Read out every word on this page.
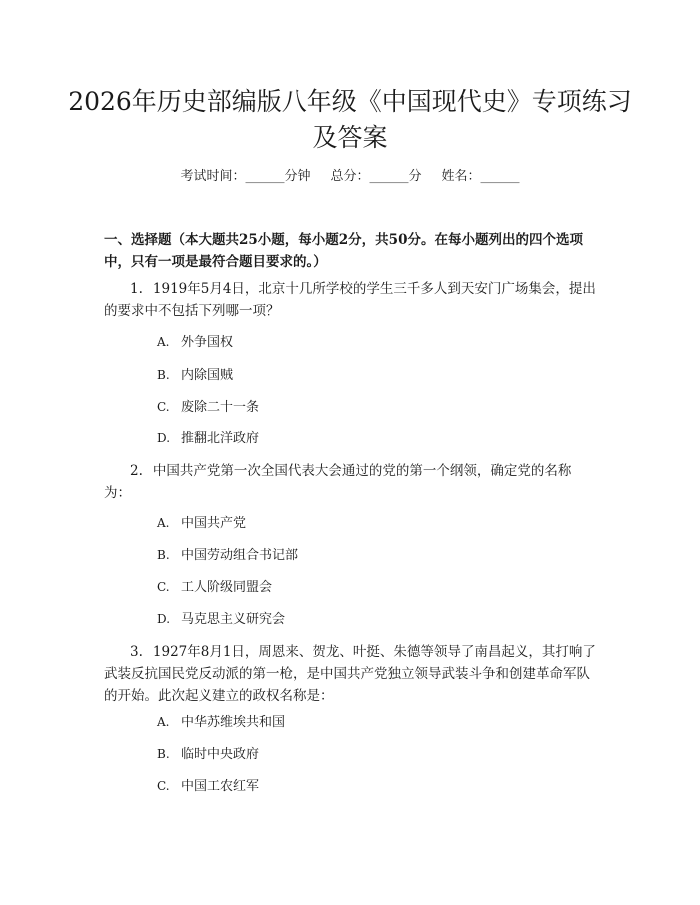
2026年历史部编版八年级《中国现代史》专项练习及答案
考试时间：______分钟 总分：______分 姓名：______

一、选择题（本大题共25小题，每小题2分，共50分。在每小题列出的四个选项中，只有一项是最符合题目要求的。）

1. 1919年5月4日，北京十几所学校的学生三千多人到天安门广场集会，提出的要求中不包括下列哪一项？

A. 外争国权

B. 内除国贼

C. 废除二十一条

D. 推翻北洋政府

2. 中国共产党第一次全国代表大会通过的党的第一个纲领，确定党的名称为：

A. 中国共产党

B. 中国劳动组合书记部

C. 工人阶级同盟会

D. 马克思主义研究会

3. 1927年8月1日，周恩来、贺龙、叶挺、朱德等领导了南昌起义，其打响了武装反抗国民党反动派的第一枪，是中国共产党独立领导武装斗争和创建革命军队的开始。此次起义建立的政权名称是：

A. 中华苏维埃共和国

B. 临时中央政府

C. 中国工农红军
